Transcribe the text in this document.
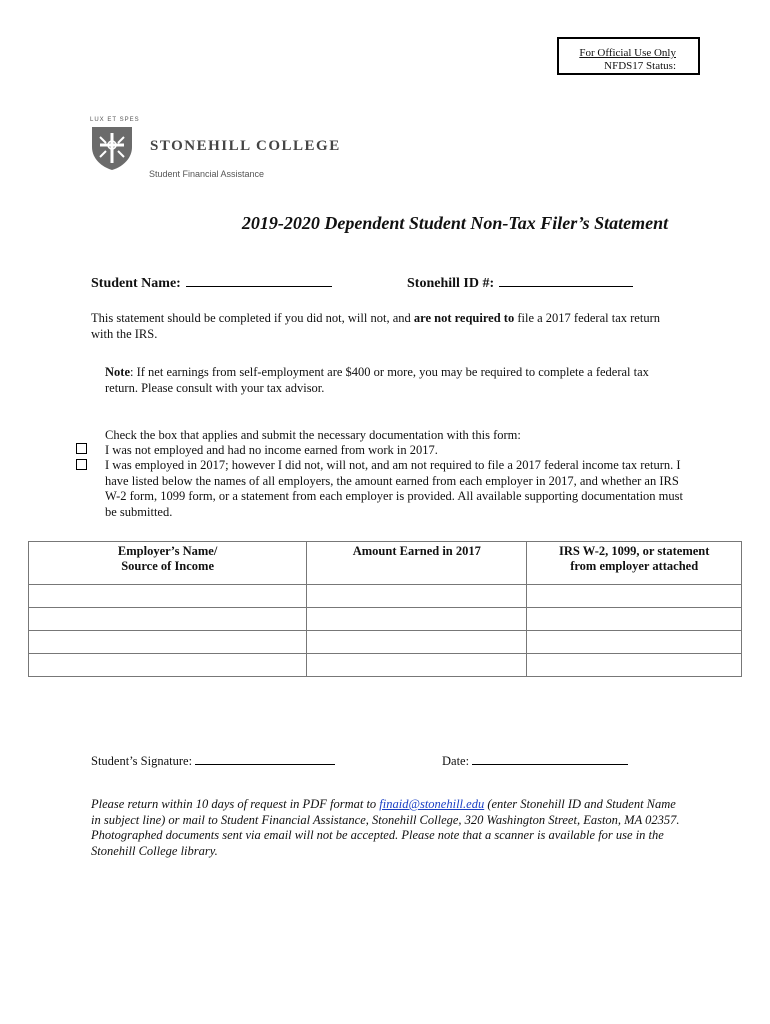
For Official Use Only
NFDS17 Status:
LUX ET SPES
STONEHILL COLLEGE
Student Financial Assistance
2019-2020 Dependent Student Non-Tax Filer’s Statement
Student Name:	Stonehill ID #:
This statement should be completed if you did not, will not, and are not required to file a 2017 federal tax return with the IRS.
Note: If net earnings from self-employment are $400 or more, you may be required to complete a federal tax return. Please consult with your tax advisor.
Check the box that applies and submit the necessary documentation with this form:
I was not employed and had no income earned from work in 2017.
I was employed in 2017; however I did not, will not, and am not required to file a 2017 federal income tax return. I have listed below the names of all employers, the amount earned from each employer in 2017, and whether an IRS W-2 form, 1099 form, or a statement from each employer is provided. All available supporting documentation must be submitted.
Employer’s Name/ Source of Income	Amount Earned in 2017	IRS W-2, 1099, or statement from employer attached

Student’s Signature:	Date:
Please return within 10 days of request in PDF format to finaid@stonehill.edu (enter Stonehill ID and Student Name in subject line) or mail to Student Financial Assistance, Stonehill College, 320 Washington Street, Easton, MA 02357. Photographed documents sent via email will not be accepted. Please note that a scanner is available for use in the Stonehill College library.
